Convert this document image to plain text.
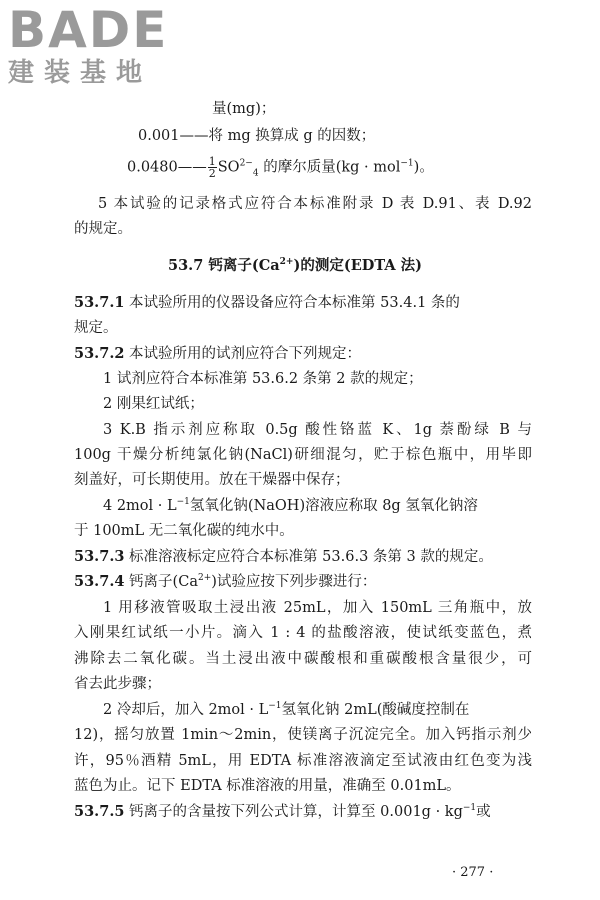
BADE
建装基地
量(mg)；
0.001——将 mg 换算成 g 的因数；
0.0480—— $\frac{1}{2} SO^{2-}_4$ 的摩尔质量(kg · mol$^{-1}$)。
5 本试验的记录格式应符合本标准附录 D 表 D.91、表 D.92
的规定。
53.7 钙离子$(Ca^{2+})$的测定(EDTA 法)
53.7.1 本试验所用的仪器设备应符合本标准第 53.4.1 条的
规定。
53.7.2 本试验所用的试剂应符合下列规定：
1 试剂应符合本标准第 53.6.2 条第 2 款的规定；
2 刚果红试纸；
3 K.B 指示剂应称取 0.5g 酸性铬蓝 K、1g 萘酚绿 B 与
100g 干燥分析纯氯化钠(NaCl)研细混匀，贮于棕色瓶中，用毕即
刻盖好，可长期使用。放在干燥器中保存；
4 $2mol \cdot L^{-1}$氢氧化钠(NaOH)溶液应称取 8g 氢氧化钠溶
于 100mL 无二氧化碳的纯水中。
53.7.3 标准溶液标定应符合本标准第 53.6.3 条第 3 款的规定。
53.7.4 钙离子$(Ca^{2+})$试验应按下列步骤进行：
1 用移液管吸取土浸出液 25mL，加入 150mL 三角瓶中，放
入刚果红试纸一小片。滴入 1 : 4 的盐酸溶液，使试纸变蓝色，煮
沸除去二氧化碳。当土浸出液中碳酸根和重碳酸根含量很少，可
省去此步骤；
2 冷却后，加入 $2mol \cdot L^{-1}$氢氧化钠 2mL(酸碱度控制在
12)，摇匀放置 1min～2min，使镁离子沉淀完全。加入钙指示剂少
许，95％酒精 5mL，用 EDTA 标准溶液滴定至试液由红色变为浅
蓝色为止。记下 EDTA 标准溶液的用量，准确至 0.01mL。
53.7.5 钙离子的含量按下列公式计算，计算至 $0.001g \cdot kg^{-1}$或
· 277 ·
